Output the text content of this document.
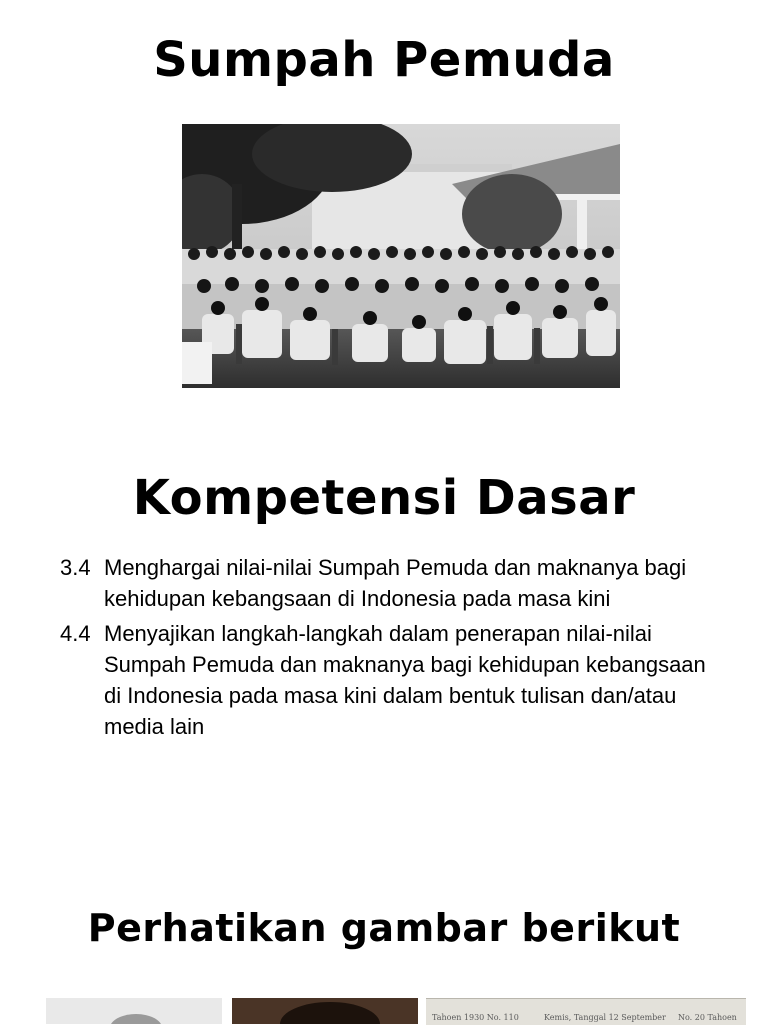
Sumpah Pemuda
Kompetensi Dasar
3.4 Menghargai nilai-nilai Sumpah Pemuda dan maknanya bagi kehidupan kebangsaan di Indonesia pada masa kini
4.4 Menyajikan langkah-langkah dalam penerapan nilai-nilai Sumpah Pemuda dan maknanya bagi kehidupan kebangsaan di Indonesia pada masa kini dalam bentuk tulisan dan/atau media lain
Perhatikan gambar berikut
Tahoen 1930 No. 110	Kemis, Tanggal 12 September No. 20 Tahoen
